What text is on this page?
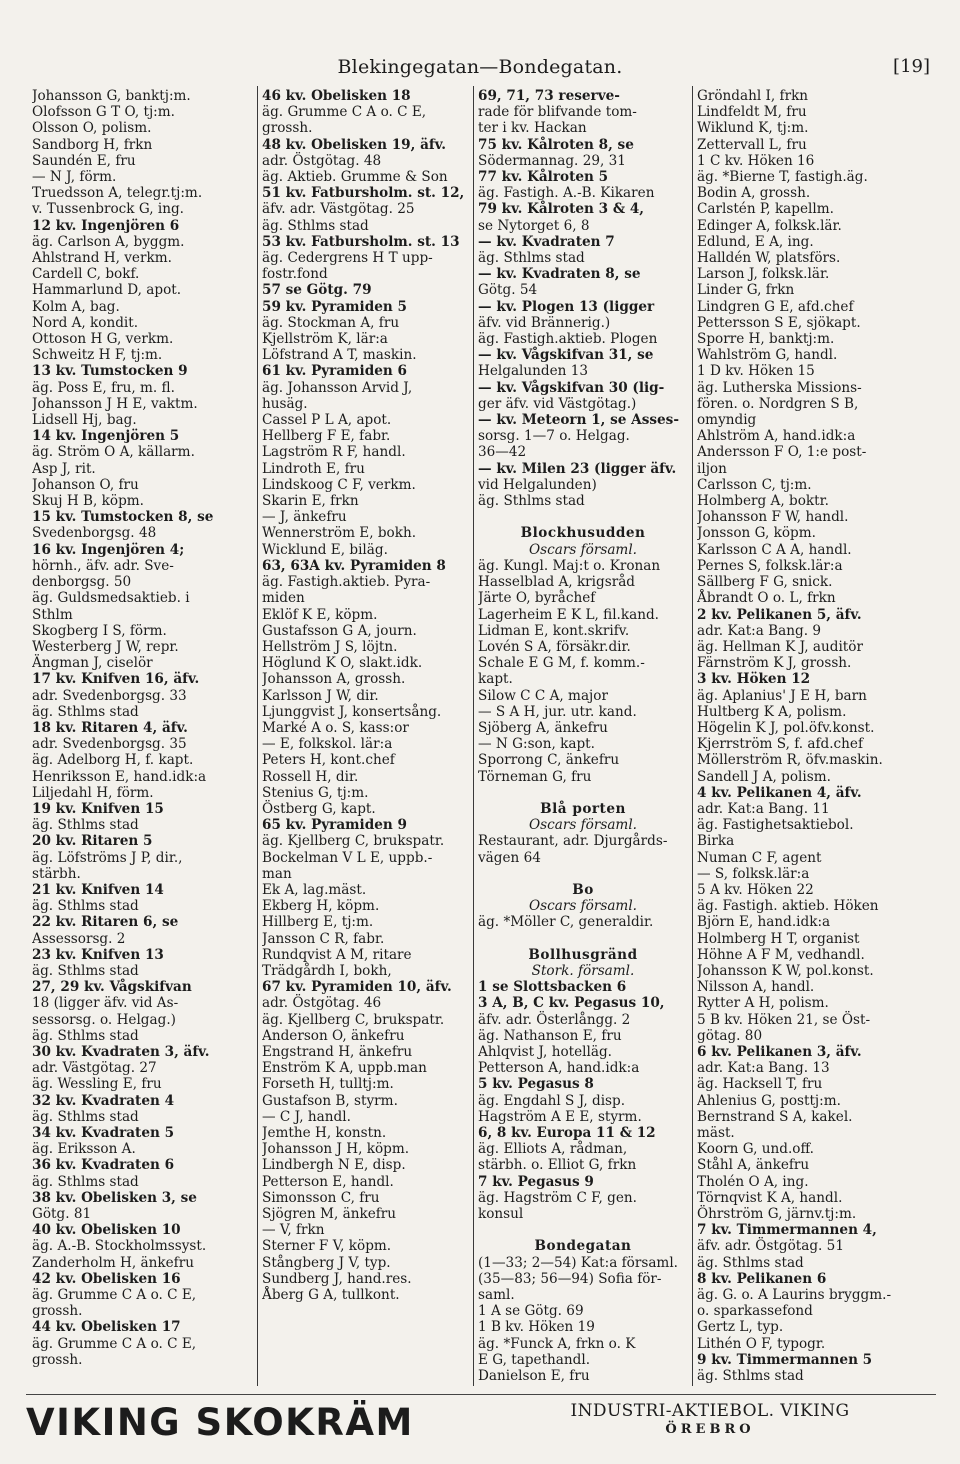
Blekingegatan—Bondegatan.	[19]
Johansson G, banktj:m.
Olofsson G T O, tj:m.
Olsson O, polism.
Sandborg H, frkn
Saundén E, fru
— N J, förm.
Truedsson A, telegr.tj:m.
v. Tussenbrock G, ing.
12 kv. Ingenjören 6
äg. Carlson A, byggm.
Ahlstrand H, verkm.
Cardell C, bokf.
Hammarlund D, apot.
Kolm A, bag.
Nord A, kondit.
Ottoson H G, verkm.
Schweitz H F, tj:m.
13 kv. Tumstocken 9
äg. Poss E, fru, m. fl.
Johansson J H E, vaktm.
Lidsell Hj, bag.
14 kv. Ingenjören 5
äg. Ström O A, källarm.
Asp J, rit.
Johanson O, fru
Skuj H B, köpm.
15 kv. Tumstocken 8, se
Svedenborgsg. 48
16 kv. Ingenjören 4;
hörnh., äfv. adr. Sve-
denborgsg. 50
äg. Guldsmedsaktieb. i
Sthlm
Skogberg I S, förm.
Westerberg J W, repr.
Ängman J, ciselör
17 kv. Knifven 16, äfv.
adr. Svedenborgsg. 33
äg. Sthlms stad
18 kv. Ritaren 4, äfv.
adr. Svedenborgsg. 35
äg. Adelborg H, f. kapt.
Henriksson E, hand.idk:a
Liljedahl H, förm.
19 kv. Knifven 15
äg. Sthlms stad
20 kv. Ritaren 5
äg. Löfströms J P, dir.,
stärbh.
21 kv. Knifven 14
äg. Sthlms stad
22 kv. Ritaren 6, se
Assessorsg. 2
23 kv. Knifven 13
äg. Sthlms stad
27, 29 kv. Vågskifvan
18 (ligger äfv. vid As-
sessorsg. o. Helgag.)
äg. Sthlms stad
30 kv. Kvadraten 3, äfv.
adr. Västgötag. 27
äg. Wessling E, fru
32 kv. Kvadraten 4
äg. Sthlms stad
34 kv. Kvadraten 5
äg. Eriksson A.
36 kv. Kvadraten 6
äg. Sthlms stad
38 kv. Obelisken 3, se
Götg. 81
40 kv. Obelisken 10
äg. A.-B. Stockholmssyst.
Zanderholm H, änkefru
42 kv. Obelisken 16
äg. Grumme C A o. C E,
grossh.
44 kv. Obelisken 17
äg. Grumme C A o. C E,
grossh.
46 kv. Obelisken 18
äg. Grumme C A o. C E,
grossh.
48 kv. Obelisken 19, äfv.
adr. Östgötag. 48
äg. Aktieb. Grumme & Son
51 kv. Fatbursholm. st. 12,
äfv. adr. Västgötag. 25
äg. Sthlms stad
53 kv. Fatbursholm. st. 13
äg. Cedergrens H T upp-
fostr.fond
57 se Götg. 79
59 kv. Pyramiden 5
äg. Stockman A, fru
Kjellström K, lär:a
Löfstrand A T, maskin.
61 kv. Pyramiden 6
äg. Johansson Arvid J,
husäg.
Cassel P L A, apot.
Hellberg F E, fabr.
Lagström R F, handl.
Lindroth E, fru
Lindskoog C F, verkm.
Skarin E, frkn
— J, änkefru
Wennerström E, bokh.
Wicklund E, biläg.
63, 63A kv. Pyramiden 8
äg. Fastigh.aktieb. Pyra-
miden
Eklöf K E, köpm.
Gustafsson G A, journ.
Hellström J S, löjtn.
Höglund K O, slakt.idk.
Johansson A, grossh.
Karlsson J W, dir.
Ljunggvist J, konsertsång.
Marké A o. S, kass:or
— E, folkskol. lär:a
Peters H, kont.chef
Rossell H, dir.
Stenius G, tj:m.
Östberg G, kapt.
65 kv. Pyramiden 9
äg. Kjellberg C, brukspatr.
Bockelman V L E, uppb.-
man
Ek A, lag.mäst.
Ekberg H, köpm.
Hillberg E, tj:m.
Jansson C R, fabr.
Rundqvist A M, ritare
Trädgårdh I, bokh,
67 kv. Pyramiden 10, äfv.
adr. Östgötag. 46
äg. Kjellberg C, brukspatr.
Anderson O, änkefru
Engstrand H, änkefru
Enström K A, uppb.man
Forseth H, tulltj:m.
Gustafson B, styrm.
— C J, handl.
Jemthe H, konstn.
Johansson J H, köpm.
Lindbergh N E, disp.
Petterson E, handl.
Simonsson C, fru
Sjögren M, änkefru
— V, frkn
Sterner F V, köpm.
Stångberg J V, typ.
Sundberg J, hand.res.
Åberg G A, tullkont.
69, 71, 73 reserve-
rade för blifvande tom-
ter i kv. Hackan
75 kv. Kålroten 8, se
Södermannag. 29, 31
77 kv. Kålroten 5
äg. Fastigh. A.-B. Kikaren
79 kv. Kålroten 3 & 4,
se Nytorget 6, 8
— kv. Kvadraten 7
äg. Sthlms stad
— kv. Kvadraten 8, se
Götg. 54
— kv. Plogen 13 (ligger
äfv. vid Brännerig.)
äg. Fastigh.aktieb. Plogen
— kv. Vågskifvan 31, se
Helgalunden 13
— kv. Vågskifvan 30 (lig-
ger äfv. vid Västgötag.)
— kv. Meteorn 1, se Asses-
sorsg. 1—7 o. Helgag.
36—42
— kv. Milen 23 (ligger äfv.
vid Helgalunden)
äg. Sthlms stad

Blockhusudden
Oscars församl.
äg. Kungl. Maj:t o. Kronan
Hasselblad A, krigsråd
Järte O, byråchef
Lagerheim E K L, fil.kand.
Lidman E, kont.skrifv.
Lovén S A, försäkr.dir.
Schale E G M, f. komm.-
kapt.
Silow C C A, major
— S A H, jur. utr. kand.
Sjöberg A, änkefru
— N G:son, kapt.
Sporrong C, änkefru
Törneman G, fru

Blå porten
Oscars församl.
Restaurant, adr. Djurgårds-
vägen 64

Bo
Oscars församl.
äg. *Möller C, generaldir.

Bollhusgränd
Stork. församl.
1 se Slottsbacken 6
3 A, B, C kv. Pegasus 10,
äfv. adr. Österlångg. 2
äg. Nathanson E, fru
Ahlqvist J, hotelläg.
Petterson A, hand.idk:a
5 kv. Pegasus 8
äg. Engdahl S J, disp.
Hagström A E E, styrm.
6, 8 kv. Europa 11 & 12
äg. Elliots A, rådman,
stärbh. o. Elliot G, frkn
7 kv. Pegasus 9
äg. Hagström C F, gen.
konsul

Bondegatan
(1—33; 2—54) Kat:a församl.
(35—83; 56—94) Sofia för-
saml.
1 A se Götg. 69
1 B kv. Höken 19
äg. *Funck A, frkn o. K
E G, tapethandl.
Danielson E, fru
Gröndahl I, frkn
Lindfeldt M, fru
Wiklund K, tj:m.
Zettervall L, fru
1 C kv. Höken 16
äg. *Bierne T, fastigh.äg.
Bodin A, grossh.
Carlstén P, kapellm.
Edinger A, folksk.lär.
Edlund, E A, ing.
Halldén W, platsförs.
Larson J, folksk.lär.
Linder G, frkn
Lindgren G E, afd.chef
Pettersson S E, sjökapt.
Sporre H, banktj:m.
Wahlström G, handl.
1 D kv. Höken 15
äg. Lutherska Missions-
fören. o. Nordgren S B,
omyndig
Ahlström A, hand.idk:a
Andersson F O, 1:e post-
iljon
Carlsson C, tj:m.
Holmberg A, boktr.
Johansson F W, handl.
Jonsson G, köpm.
Karlsson C A A, handl.
Pernes S, folksk.lär:a
Sällberg F G, snick.
Åbrandt O o. L, frkn
2 kv. Pelikanen 5, äfv.
adr. Kat:a Bang. 9
äg. Hellman K J, auditör
Färnström K J, grossh.
3 kv. Höken 12
äg. Aplanius' J E H, barn
Hultberg K A, polism.
Högelin K J, pol.öfv.konst.
Kjerrström S, f. afd.chef
Möllerström R, öfv.maskin.
Sandell J A, polism.
4 kv. Pelikanen 4, äfv.
adr. Kat:a Bang. 11
äg. Fastighetsaktiebol.
Birka
Numan C F, agent
— S, folksk.lär:a
5 A kv. Höken 22
äg. Fastigh. aktieb. Höken
Björn E, hand.idk:a
Holmberg H T, organist
Höhne A F M, vedhandl.
Johansson K W, pol.konst.
Nilsson A, handl.
Rytter A H, polism.
5 B kv. Höken 21, se Öst-
götag. 80
6 kv. Pelikanen 3, äfv.
adr. Kat:a Bang. 13
äg. Hacksell T, fru
Ahlenius G, posttj:m.
Bernstrand S A, kakel.
mäst.
Koorn G, und.off.
Ståhl A, änkefru
Tholén O A, ing.
Törnqvist K A, handl.
Öhrström G, järnv.tj:m.
7 kv. Timmermannen 4,
äfv. adr. Östgötag. 51
äg. Sthlms stad
8 kv. Pelikanen 6
äg. G. o. A Laurins bryggm.-
o. sparkassefond
Gertz L, typ.
Lithén O F, typogr.
9 kv. Timmermannen 5
äg. Sthlms stad
VIKING SKOKRÄM	INDUSTRI-AKTIEBOL. VIKING
ÖREBRO
